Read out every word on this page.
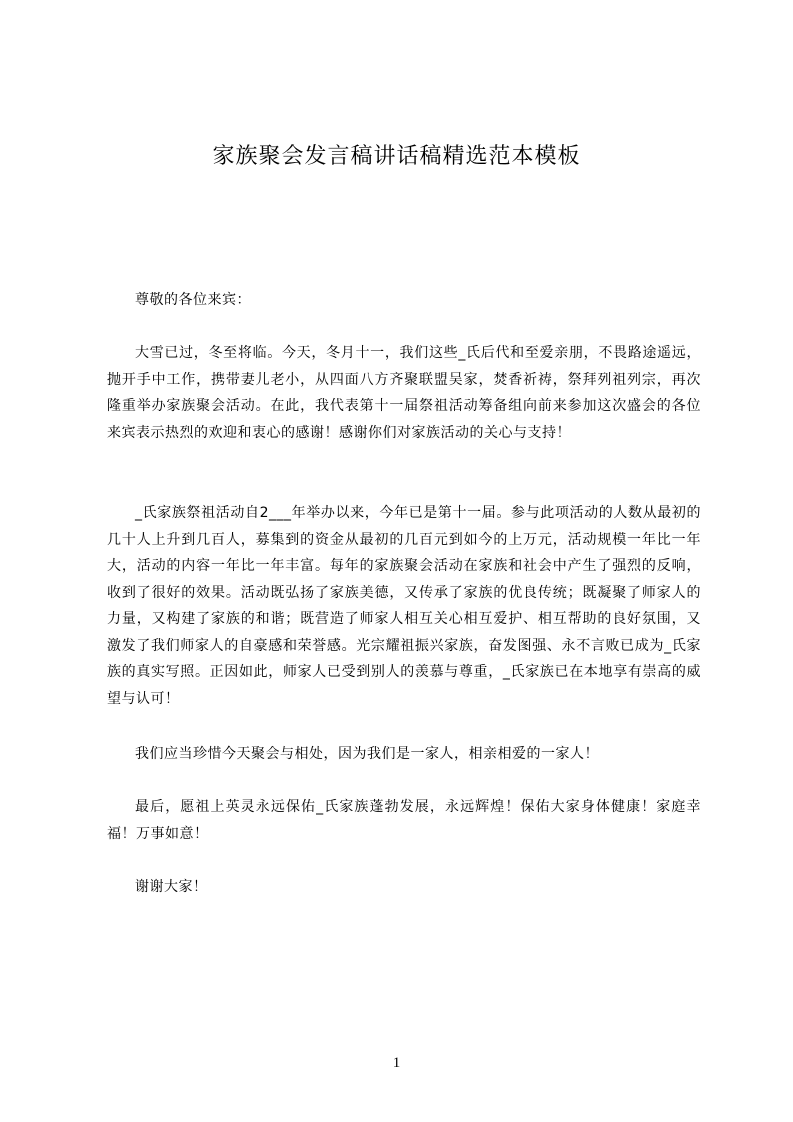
家族聚会发言稿讲话稿精选范本模板

尊敬的各位来宾：

大雪已过，冬至将临。今天，冬月十一，我们这些_氏后代和至爱亲朋，不畏路途遥远，抛开手中工作，携带妻儿老小，从四面八方齐聚联盟吴家，焚香祈祷，祭拜列祖列宗，再次隆重举办家族聚会活动。在此，我代表第十一届祭祖活动筹备组向前来参加这次盛会的各位来宾表示热烈的欢迎和衷心的感谢！感谢你们对家族活动的关心与支持！

_氏家族祭祖活动自2___年举办以来，今年已是第十一届。参与此项活动的人数从最初的几十人上升到几百人，募集到的资金从最初的几百元到如今的上万元，活动规模一年比一年大，活动的内容一年比一年丰富。每年的家族聚会活动在家族和社会中产生了强烈的反响，收到了很好的效果。活动既弘扬了家族美德，又传承了家族的优良传统；既凝聚了师家人的力量，又构建了家族的和谐；既营造了师家人相互关心相互爱护、相互帮助的良好氛围，又激发了我们师家人的自豪感和荣誉感。光宗耀祖振兴家族，奋发图强、永不言败已成为_氏家族的真实写照。正因如此，师家人已受到别人的羡慕与尊重，_氏家族已在本地享有崇高的威望与认可！

我们应当珍惜今天聚会与相处，因为我们是一家人，相亲相爱的一家人！

最后，愿祖上英灵永远保佑_氏家族蓬勃发展，永远辉煌！保佑大家身体健康！家庭幸福！万事如意！

谢谢大家！

1
